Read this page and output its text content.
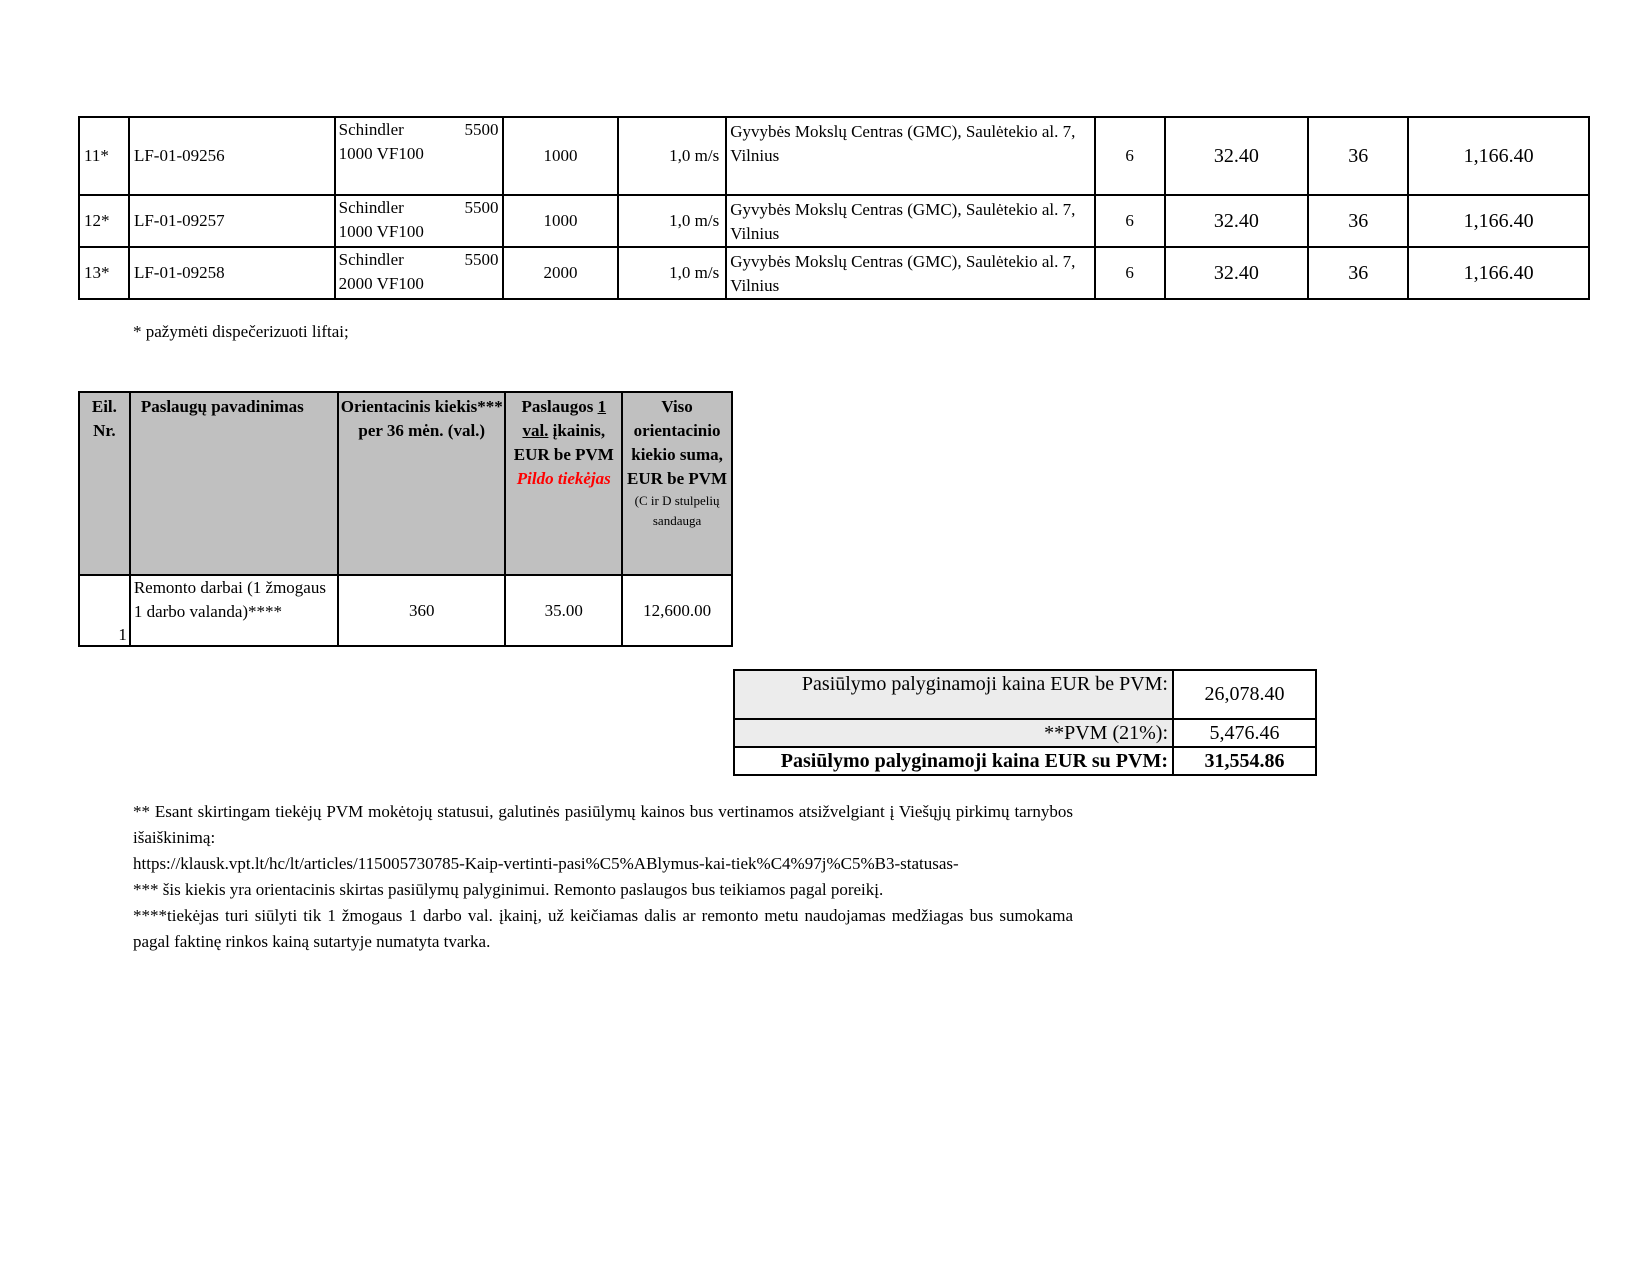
11*	LF-01-09256	Schindler 5500
1000 VF100	1000	1,0 m/s	Gyvybės Mokslų Centras (GMC), Saulėtekio al. 7, Vilnius	6	32.40	36	1,166.40
12*	LF-01-09257	Schindler 5500
1000 VF100	1000	1,0 m/s	Gyvybės Mokslų Centras (GMC), Saulėtekio al. 7, Vilnius	6	32.40	36	1,166.40
13*	LF-01-09258	Schindler 5500
2000 VF100	2000	1,0 m/s	Gyvybės Mokslų Centras (GMC), Saulėtekio al. 7, Vilnius	6	32.40	36	1,166.40
* pažymėti dispečerizuoti liftai;
Eil. Nr.	Paslaugų pavadinimas	Orientacinis kiekis*** per 36 mėn. (val.)	Paslaugos 1 val. įkainis, EUR be PVM
Pildo tiekėjas	Viso orientacinio kiekio suma, EUR be PVM
(C ir D stulpelių sandauga

1	Remonto darbai (1 žmogaus 1 darbo valanda)****	360	35.00	12,600.00
Pasiūlymo palyginamoji kaina EUR be PVM:	26,078.40
**PVM (21%):	5,476.46
Pasiūlymo palyginamoji kaina EUR su PVM:	31,554.86

** Esant skirtingam tiekėjų PVM mokėtojų statusui, galutinės pasiūlymų kainos bus vertinamos atsižvelgiant į Viešųjų pirkimų tarnybos išaiškinimą:

https://klausk.vpt.lt/hc/lt/articles/115005730785-Kaip-vertinti-pasi%C5%ABlymus-kai-tiek%C4%97j%C5%B3-statusas-

*** šis kiekis yra orientacinis skirtas pasiūlymų palyginimui. Remonto paslaugos bus teikiamos pagal poreikį.

****tiekėjas turi siūlyti tik 1 žmogaus 1 darbo val. įkainį, už keičiamas dalis ar remonto metu naudojamas medžiagas bus sumokama pagal faktinę rinkos kainą sutartyje numatyta tvarka.
